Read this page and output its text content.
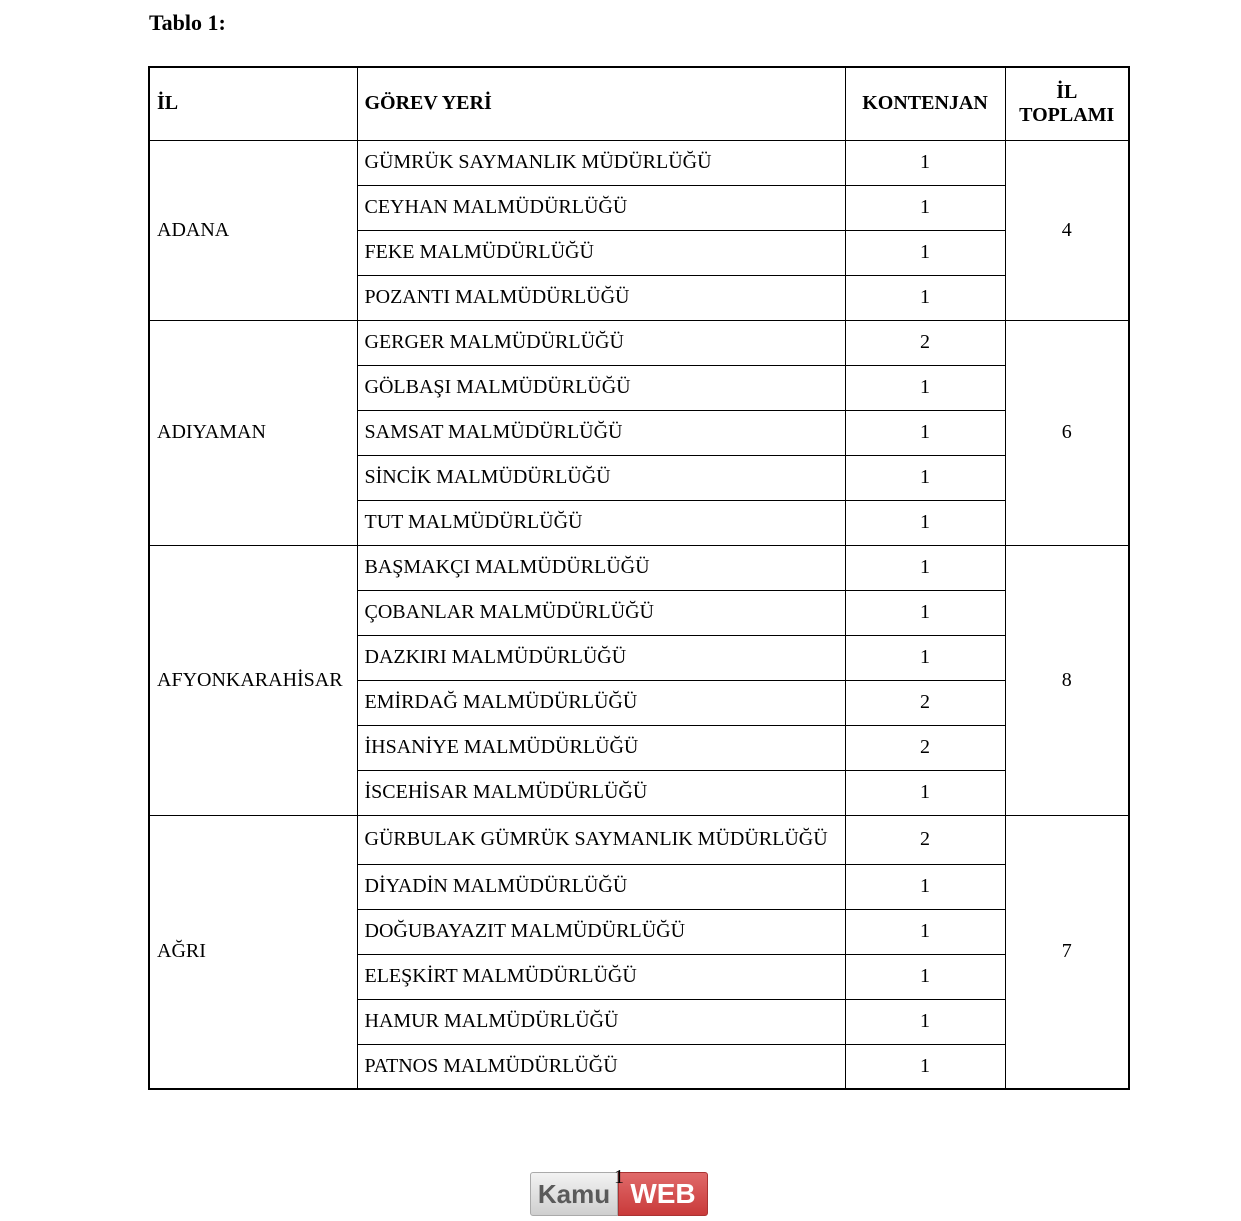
Tablo 1:
İL	GÖREV YERİ	KONTENJAN	İL TOPLAMI
ADANA	GÜMRÜK SAYMANLIK MÜDÜRLÜĞÜ	1	4
	CEYHAN MALMÜDÜRLÜĞÜ	1	
	FEKE MALMÜDÜRLÜĞÜ	1	
	POZANTI MALMÜDÜRLÜĞÜ	1	
ADIYAMAN	GERGER MALMÜDÜRLÜĞÜ	2	6
	GÖLBAŞI MALMÜDÜRLÜĞÜ	1	
	SAMSAT MALMÜDÜRLÜĞÜ	1	
	SİNCİK MALMÜDÜRLÜĞÜ	1	
	TUT MALMÜDÜRLÜĞÜ	1	
AFYONKARAHİSAR	BAŞMAKÇI MALMÜDÜRLÜĞÜ	1	8
	ÇOBANLAR MALMÜDÜRLÜĞÜ	1	
	DAZKIRI MALMÜDÜRLÜĞÜ	1	
	EMİRDAĞ MALMÜDÜRLÜĞÜ	2	
	İHSANİYE MALMÜDÜRLÜĞÜ	2	
	İSCEHİSAR MALMÜDÜRLÜĞÜ	1	
AĞRI	GÜRBULAK GÜMRÜK SAYMANLIK MÜDÜRLÜĞÜ	2	7
	DİYADİN MALMÜDÜRLÜĞÜ	1	
	DOĞUBAYAZIT MALMÜDÜRLÜĞÜ	1	
	ELEŞKİRT MALMÜDÜRLÜĞÜ	1	
	HAMUR MALMÜDÜRLÜĞÜ	1	
	PATNOS MALMÜDÜRLÜĞÜ	1	
Kamu WEB
1
